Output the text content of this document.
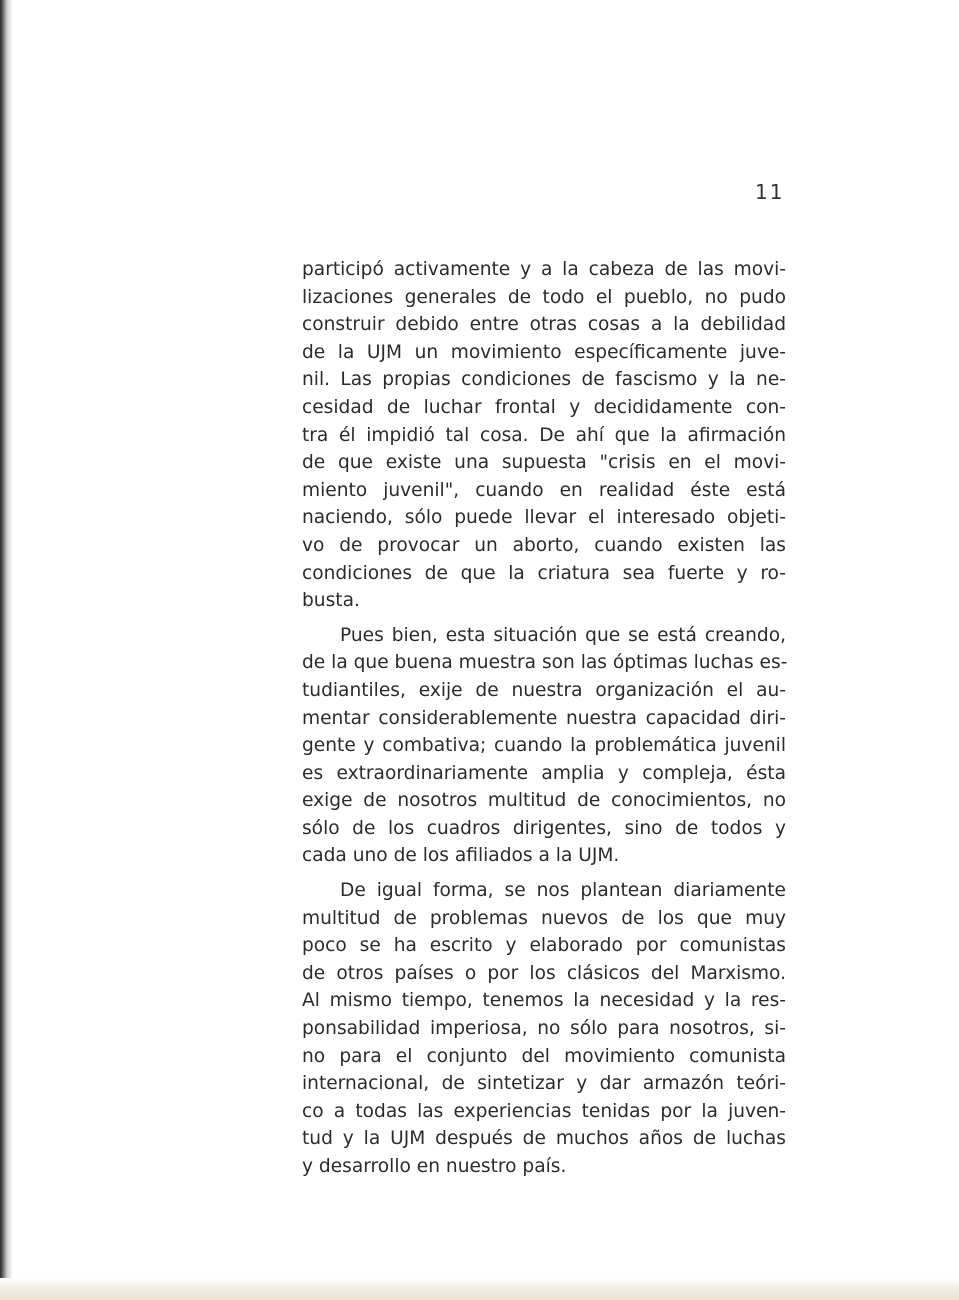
11

participó activamente y a la cabeza de las movi-
lizaciones generales de todo el pueblo, no pudo
construir debido entre otras cosas a la debilidad
de la UJM un movimiento específicamente juve-
nil. Las propias condiciones de fascismo y la ne-
cesidad de luchar frontal y decididamente con-
tra él impidió tal cosa. De ahí que la afirmación
de que existe una supuesta "crisis en el movi-
miento juvenil", cuando en realidad éste está
naciendo, sólo puede llevar el interesado objeti-
vo de provocar un aborto, cuando existen las
condiciones de que la criatura sea fuerte y ro-
busta.

Pues bien, esta situación que se está creando,
de la que buena muestra son las óptimas luchas es-
tudiantiles, exije de nuestra organización el au-
mentar considerablemente nuestra capacidad diri-
gente y combativa; cuando la problemática juvenil
es extraordinariamente amplia y compleja, ésta
exige de nosotros multitud de conocimientos, no
sólo de los cuadros dirigentes, sino de todos y
cada uno de los afiliados a la UJM.

De igual forma, se nos plantean diariamente
multitud de problemas nuevos de los que muy
poco se ha escrito y elaborado por comunistas
de otros países o por los clásicos del Marxismo.
Al mismo tiempo, tenemos la necesidad y la res-
ponsabilidad imperiosa, no sólo para nosotros, si-
no para el conjunto del movimiento comunista
internacional, de sintetizar y dar armazón teóri-
co a todas las experiencias tenidas por la juven-
tud y la UJM después de muchos años de luchas
y desarrollo en nuestro país.
